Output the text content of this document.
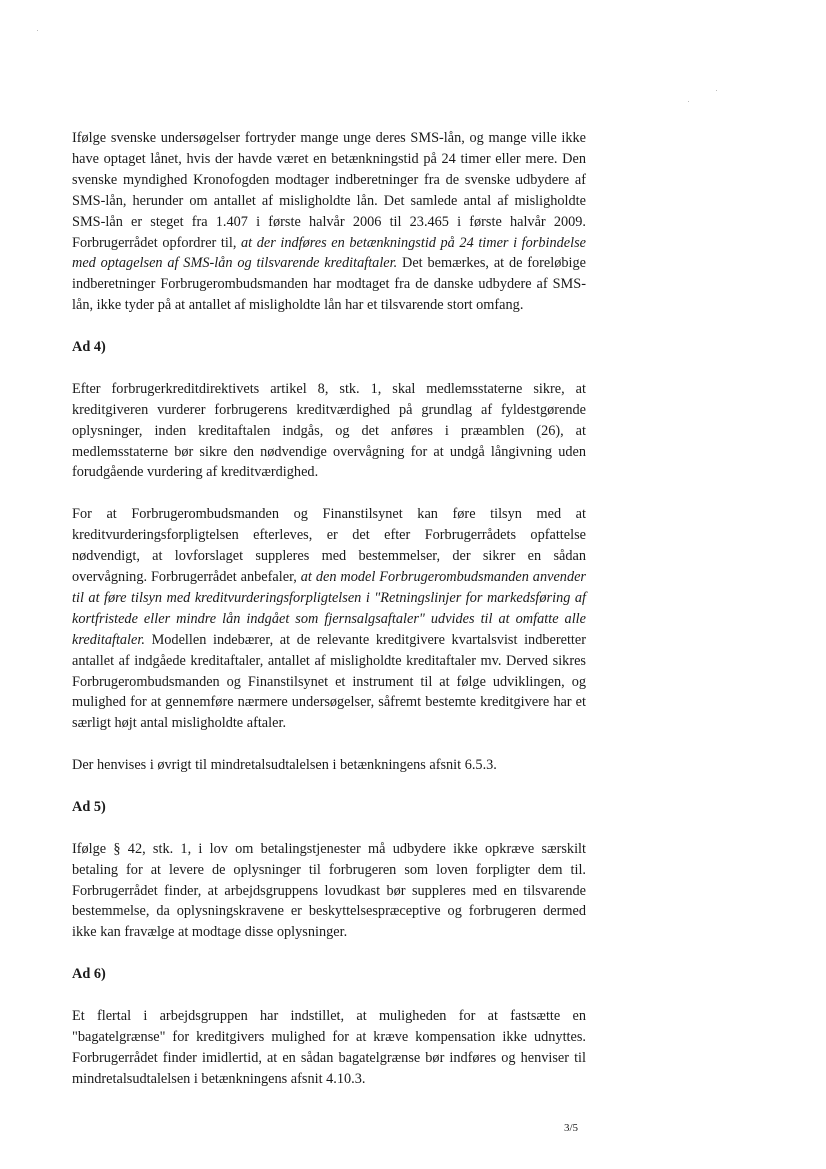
Ifølge svenske undersøgelser fortryder mange unge deres SMS-lån, og mange ville ikke have optaget lånet, hvis der havde været en betænkningstid på 24 timer eller mere. Den svenske myndighed Kronofogden modtager indberetninger fra de svenske udbydere af SMS-lån, herunder om antallet af misligholdte lån. Det samlede antal af misligholdte SMS-lån er steget fra 1.407 i første halvår 2006 til 23.465 i første halvår 2009. Forbrugerrådet opfordrer til, at der indføres en betænkningstid på 24 timer i forbindelse med optagelsen af SMS-lån og tilsvarende kreditaftaler. Det bemærkes, at de foreløbige indberetninger Forbrugerombudsmanden har modtaget fra de danske udbydere af SMS-lån, ikke tyder på at antallet af misligholdte lån har et tilsvarende stort omfang.

Ad 4)

Efter forbrugerkreditdirektivets artikel 8, stk. 1, skal medlemsstaterne sikre, at kreditgiveren vurderer forbrugerens kreditværdighed på grundlag af fyldestgørende oplysninger, inden kreditaftalen indgås, og det anføres i præamblen (26), at medlemsstaterne bør sikre den nødvendige overvågning for at undgå långivning uden forudgående vurdering af kreditværdighed.

For at Forbrugerombudsmanden og Finanstilsynet kan føre tilsyn med at kreditvurderingsforpligtelsen efterleves, er det efter Forbrugerrådets opfattelse nødvendigt, at lovforslaget suppleres med bestemmelser, der sikrer en sådan overvågning. Forbrugerrådet anbefaler, at den model Forbrugerombudsmanden anvender til at føre tilsyn med kreditvurderingsforpligtelsen i "Retningslinjer for markedsføring af kortfristede eller mindre lån indgået som fjernsalgsaftaler" udvides til at omfatte alle kreditaftaler. Modellen indebærer, at de relevante kreditgivere kvartalsvist indberetter antallet af indgåede kreditaftaler, antallet af misligholdte kreditaftaler mv. Derved sikres Forbrugerombudsmanden og Finanstilsynet et instrument til at følge udviklingen, og mulighed for at gennemføre nærmere undersøgelser, såfremt bestemte kreditgivere har et særligt højt antal misligholdte aftaler.

Der henvises i øvrigt til mindretalsudtalelsen i betænkningens afsnit 6.5.3.

Ad 5)

Ifølge § 42, stk. 1, i lov om betalingstjenester må udbydere ikke opkræve særskilt betaling for at levere de oplysninger til forbrugeren som loven forpligter dem til. Forbrugerrådet finder, at arbejdsgruppens lovudkast bør suppleres med en tilsvarende bestemmelse, da oplysningskravene er beskyttelsespræceptive og forbrugeren dermed ikke kan fravælge at modtage disse oplysninger.

Ad 6)

Et flertal i arbejdsgruppen har indstillet, at muligheden for at fastsætte en "bagatelgrænse" for kreditgivers mulighed for at kræve kompensation ikke udnyttes. Forbrugerrådet finder imidlertid, at en sådan bagatelgrænse bør indføres og henviser til mindretalsudtalelsen i betænkningens afsnit 4.10.3.

3/5
